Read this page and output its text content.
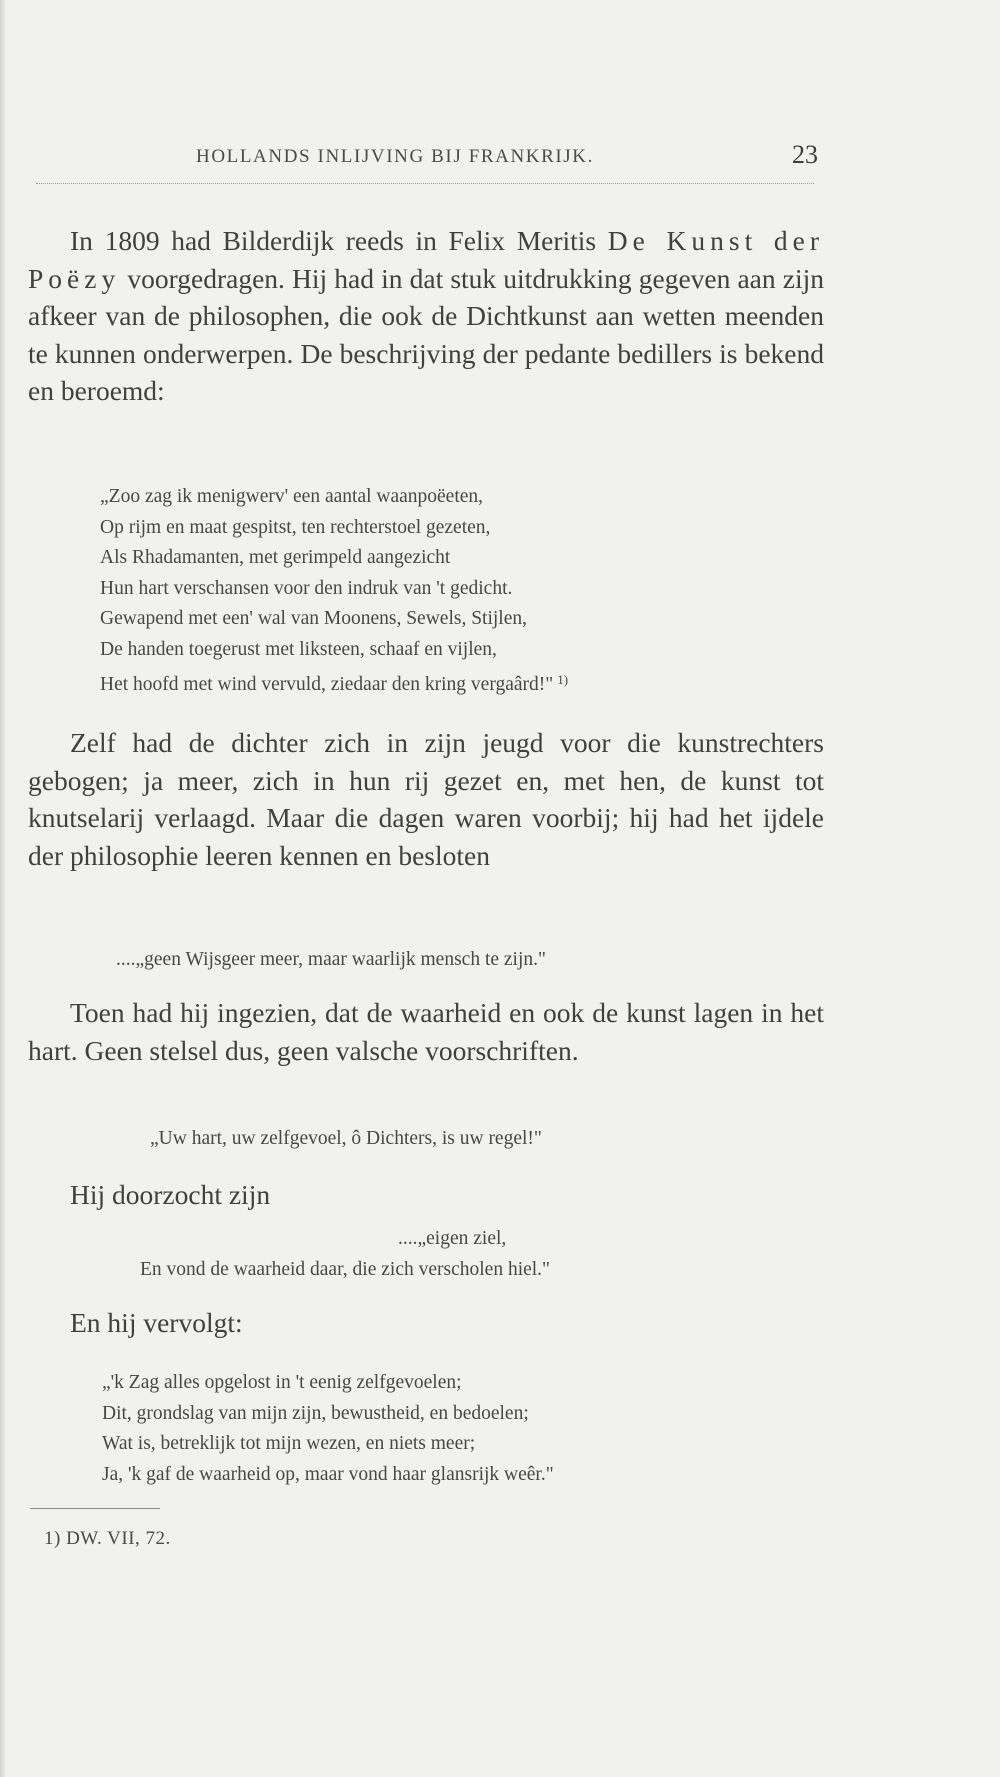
HOLLANDS INLIJVING BIJ FRANKRIJK.	23

In 1809 had Bilderdijk reeds in Felix Meritis De Kunst der Poëzy voorgedragen. Hij had in dat stuk uitdrukking gegeven aan zijn afkeer van de philosophen, die ook de Dichtkunst aan wetten meenden te kunnen onderwerpen. De beschrijving der pedante bedillers is bekend en beroemd:

„Zoo zag ik menigwerv' een aantal waanpoëeten,
Op rijm en maat gespitst, ten rechterstoel gezeten,
Als Rhadamanten, met gerimpeld aangezicht
Hun hart verschansen voor den indruk van 't gedicht.
Gewapend met een' wal van Moonens, Sewels, Stijlen,
De handen toegerust met liksteen, schaaf en vijlen,
Het hoofd met wind vervuld, ziedaar den kring vergaârd!" $^{1)}$

Zelf had de dichter zich in zijn jeugd voor die kunstrechters gebogen; ja meer, zich in hun rij gezet en, met hen, de kunst tot knutselarij verlaagd. Maar die dagen waren voorbij; hij had het ijdele der philosophie leeren kennen en besloten

....„geen Wijsgeer meer, maar waarlijk mensch te zijn."

Toen had hij ingezien, dat de waarheid en ook de kunst lagen in het hart. Geen stelsel dus, geen valsche voorschriften.

„Uw hart, uw zelfgevoel, ô Dichters, is uw regel!"

Hij doorzocht zijn

....„eigen ziel,
En vond de waarheid daar, die zich verscholen hiel."

En hij vervolgt:

„'k Zag alles opgelost in 't eenig zelfgevoelen;
Dit, grondslag van mijn zijn, bewustheid, en bedoelen;
Wat is, betreklijk tot mijn wezen, en niets meer;
Ja, 'k gaf de waarheid op, maar vond haar glansrijk weêr."
1) DW. VII, 72.
